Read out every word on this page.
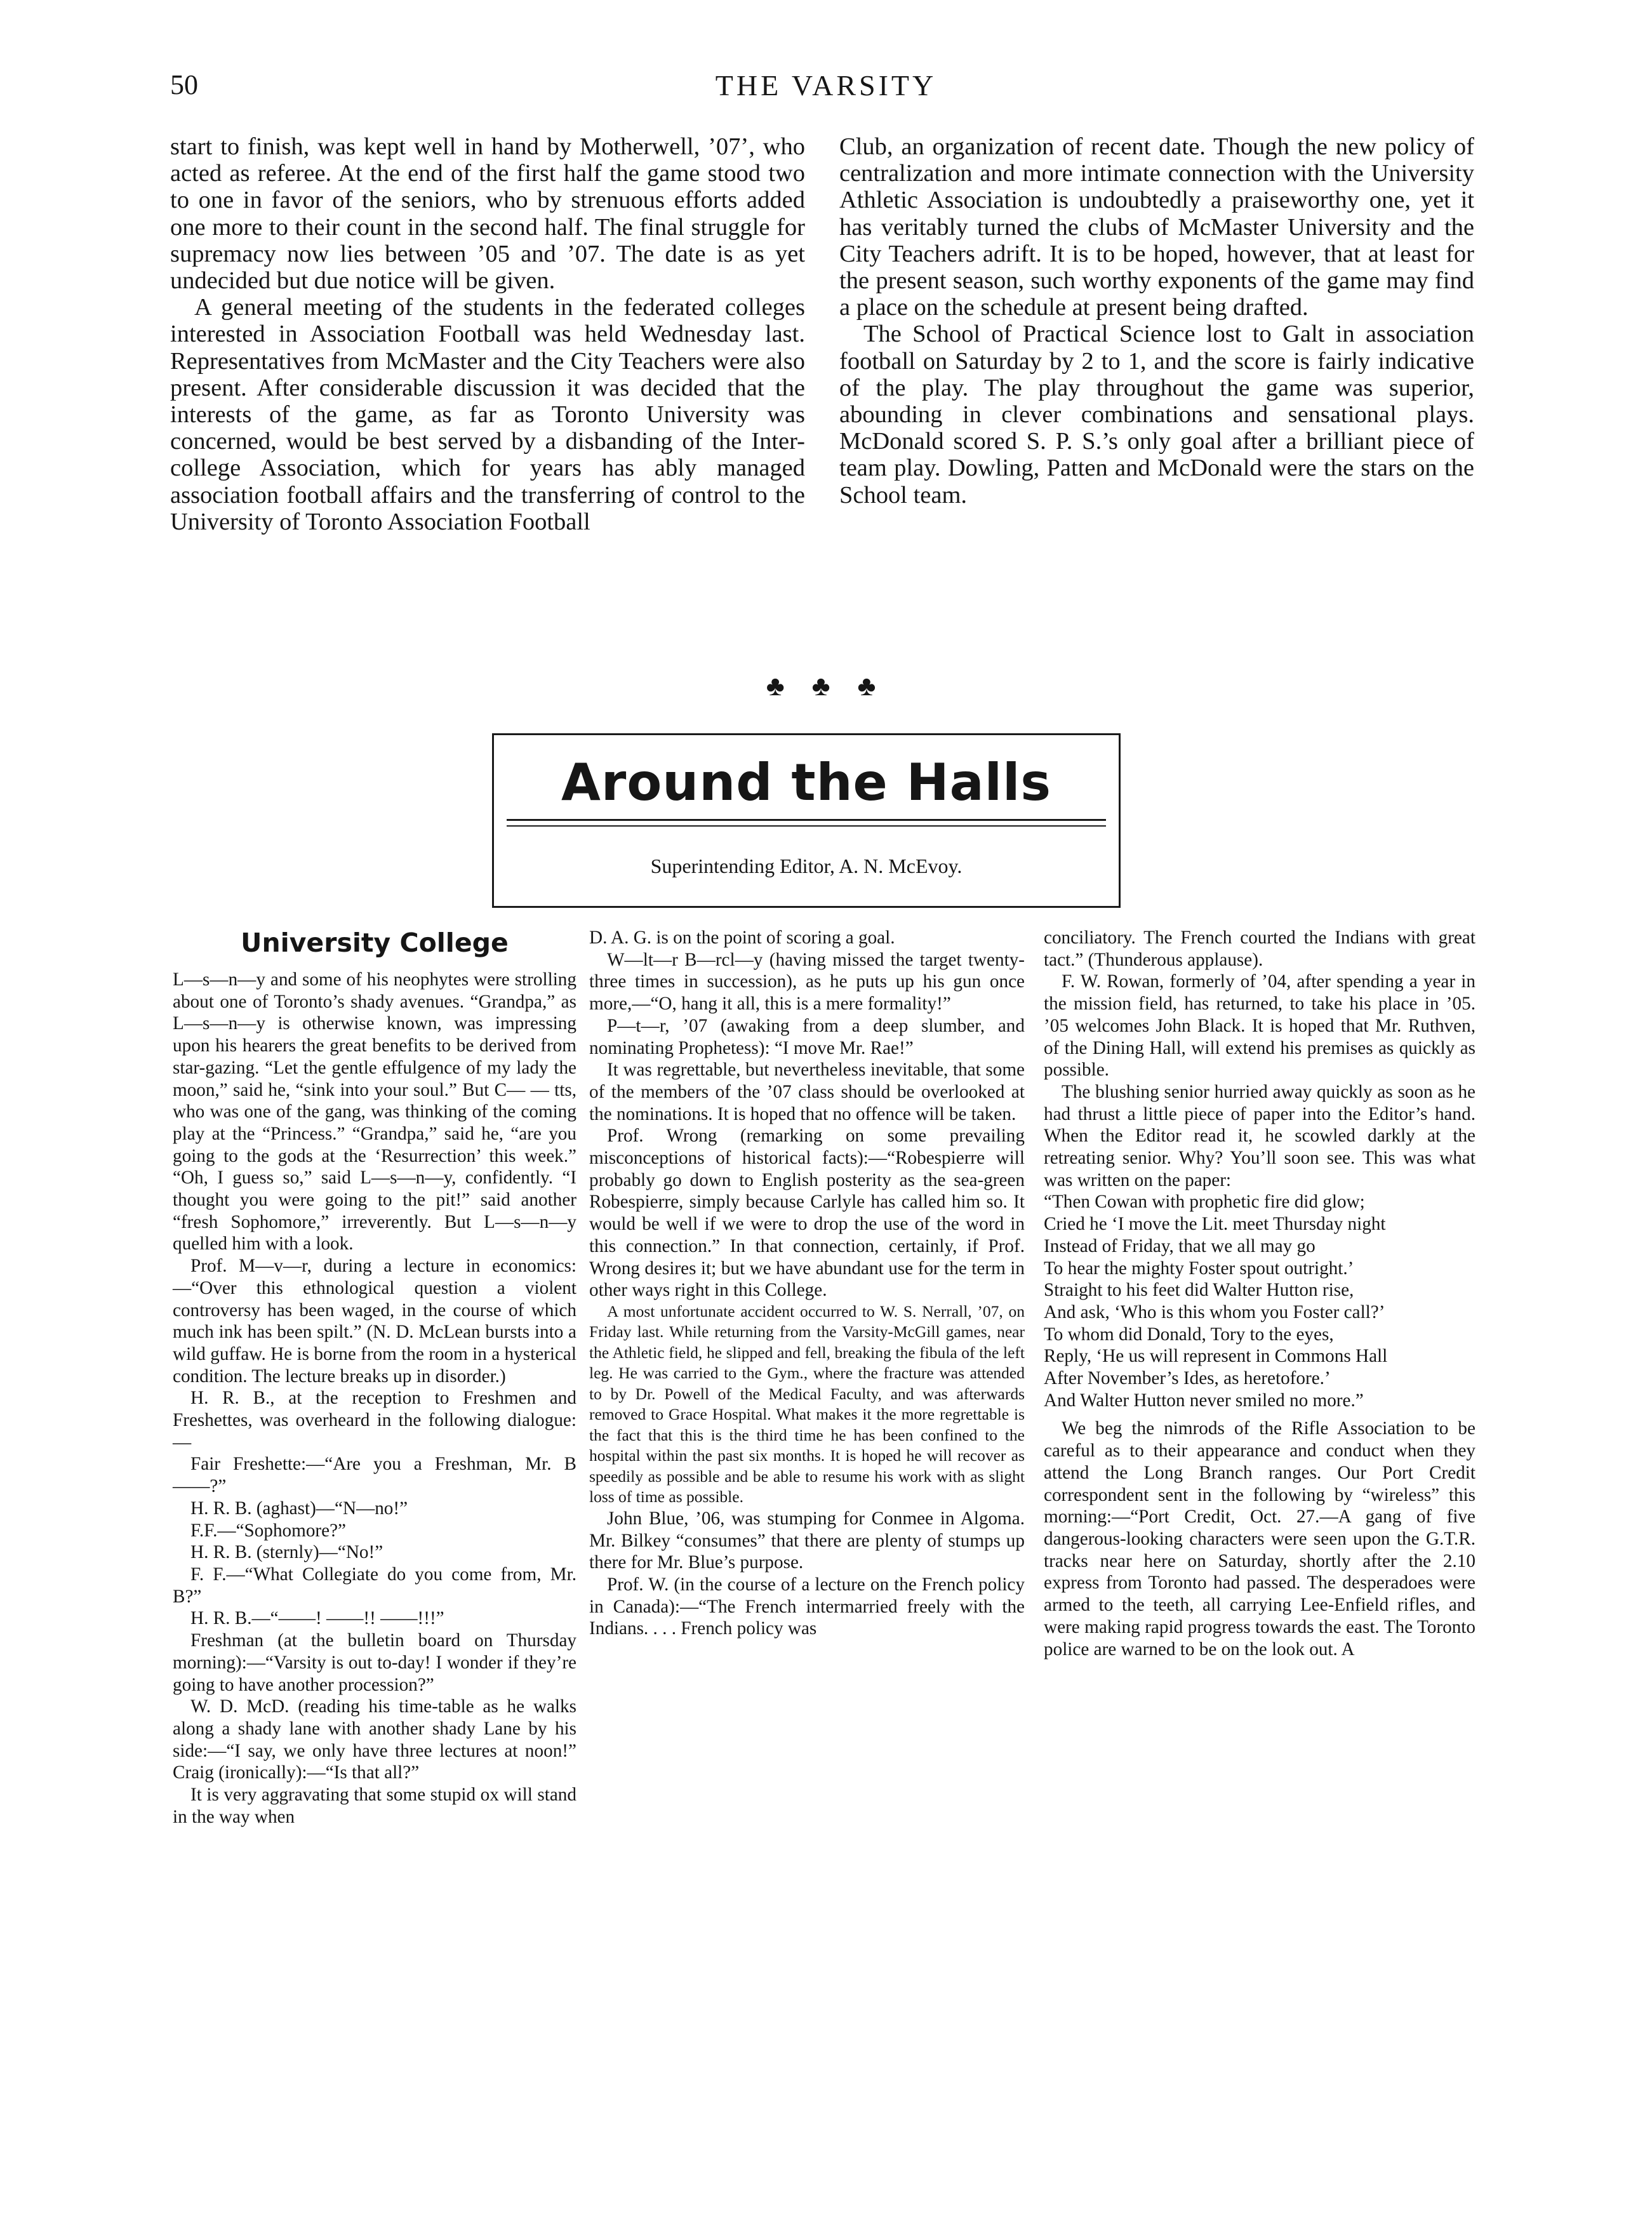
50	THE VARSITY

start to finish, was kept well in hand by Motherwell, ’07’, who acted as referee. At the end of the first half the game stood two to one in favor of the seniors, who by strenuous efforts added one more to their count in the second half. The final struggle for supremacy now lies between ’05 and ’07. The date is as yet undecided but due notice will be given.

A general meeting of the students in the federated colleges interested in Association Football was held Wednesday last. Representatives from McMaster and the City Teachers were also present. After considerable discussion it was decided that the interests of the game, as far as Toronto University was concerned, would be best served by a disbanding of the Inter-college Association, which for years has ably managed association football affairs and the transferring of control to the University of Toronto Association Football

Club, an organization of recent date. Though the new policy of centralization and more intimate connection with the University Athletic Association is undoubtedly a praiseworthy one, yet it has veritably turned the clubs of McMaster University and the City Teachers adrift. It is to be hoped, however, that at least for the present season, such worthy exponents of the game may find a place on the schedule at present being drafted.

The School of Practical Science lost to Galt in association football on Saturday by 2 to 1, and the score is fairly indicative of the play. The play throughout the game was superior, abounding in clever combinations and sensational plays. McDonald scored S. P. S.’s only goal after a brilliant piece of team play. Dowling, Patten and McDonald were the stars on the School team.

♣ ♣ ♣
Around the Halls
Superintending Editor, A. N. McEvoy.
University College

L—s—n—y and some of his neophytes were strolling about one of Toronto’s shady avenues. “Grandpa,” as L—s—n—y is otherwise known, was impressing upon his hearers the great benefits to be derived from star-gazing. “Let the gentle effulgence of my lady the moon,” said he, “sink into your soul.” But C— — tts, who was one of the gang, was thinking of the coming play at the “Princess.” “Grandpa,” said he, “are you going to the gods at the ‘Resurrection’ this week.” “Oh, I guess so,” said L—s—n—y, confidently. “I thought you were going to the pit!” said another “fresh Sophomore,” irreverently. But L—s—n—y quelled him with a look.

Prof. M—v—r, during a lecture in economics:—“Over this ethnological question a violent controversy has been waged, in the course of which much ink has been spilt.” (N. D. McLean bursts into a wild guffaw. He is borne from the room in a hysterical condition. The lecture breaks up in disorder.)

H. R. B., at the reception to Freshmen and Freshettes, was overheard in the following dialogue:—

Fair Freshette:—“Are you a Freshman, Mr. B——?”

H. R. B. (aghast)—“N—no!”

F.F.—“Sophomore?”

H. R. B. (sternly)—“No!”

F. F.—“What Collegiate do you come from, Mr. B?”

H. R. B.—“——! ——!! ——!!!”

Freshman (at the bulletin board on Thursday morning):—“Varsity is out to-day! I wonder if they’re going to have another procession?”

W. D. McD. (reading his time-table as he walks along a shady lane with another shady Lane by his side:—“I say, we only have three lectures at noon!” Craig (ironically):—“Is that all?”

It is very aggravating that some stupid ox will stand in the way when

D. A. G. is on the point of scoring a goal.

W—lt—r B—rcl—y (having missed the target twenty-three times in succession), as he puts up his gun once more,—“O, hang it all, this is a mere formality!”

P—t—r, ’07 (awaking from a deep slumber, and nominating Prophetess): “I move Mr. Rae!”

It was regrettable, but nevertheless inevitable, that some of the members of the ’07 class should be overlooked at the nominations. It is hoped that no offence will be taken.

Prof. Wrong (remarking on some prevailing misconceptions of historical facts):—“Robespierre will probably go down to English posterity as the sea-green Robespierre, simply because Carlyle has called him so. It would be well if we were to drop the use of the word in this connection.” In that connection, certainly, if Prof. Wrong desires it; but we have abundant use for the term in other ways right in this College.

A most unfortunate accident occurred to W. S. Nerrall, ’07, on Friday last. While returning from the Varsity-McGill games, near the Athletic field, he slipped and fell, breaking the fibula of the left leg. He was carried to the Gym., where the fracture was attended to by Dr. Powell of the Medical Faculty, and was afterwards removed to Grace Hospital. What makes it the more regrettable is the fact that this is the third time he has been confined to the hospital within the past six months. It is hoped he will recover as speedily as possible and be able to resume his work with as slight loss of time as possible.

John Blue, ’06, was stumping for Conmee in Algoma. Mr. Bilkey “consumes” that there are plenty of stumps up there for Mr. Blue’s purpose.

Prof. W. (in the course of a lecture on the French policy in Canada):—“The French intermarried freely with the Indians. . . . French policy was

conciliatory. The French courted the Indians with great tact.” (Thunderous applause).

F. W. Rowan, formerly of ’04, after spending a year in the mission field, has returned, to take his place in ’05. ’05 welcomes John Black. It is hoped that Mr. Ruthven, of the Dining Hall, will extend his premises as quickly as possible.

The blushing senior hurried away quickly as soon as he had thrust a little piece of paper into the Editor’s hand. When the Editor read it, he scowled darkly at the retreating senior. Why? You’ll soon see. This was what was written on the paper:

“Then Cowan with prophetic fire did glow;

Cried he ‘I move the Lit. meet Thursday night

Instead of Friday, that we all may go

To hear the mighty Foster spout outright.’

Straight to his feet did Walter Hutton rise,

And ask, ‘Who is this whom you Foster call?’

To whom did Donald, Tory to the eyes,

Reply, ‘He us will represent in Commons Hall

After November’s Ides, as heretofore.’

And Walter Hutton never smiled no more.”

We beg the nimrods of the Rifle Association to be careful as to their appearance and conduct when they attend the Long Branch ranges. Our Port Credit correspondent sent in the following by “wireless” this morning:—“Port Credit, Oct. 27.—A gang of five dangerous-looking characters were seen upon the G.T.R. tracks near here on Saturday, shortly after the 2.10 express from Toronto had passed. The desperadoes were armed to the teeth, all carrying Lee-Enfield rifles, and were making rapid progress towards the east. The Toronto police are warned to be on the look out. A
